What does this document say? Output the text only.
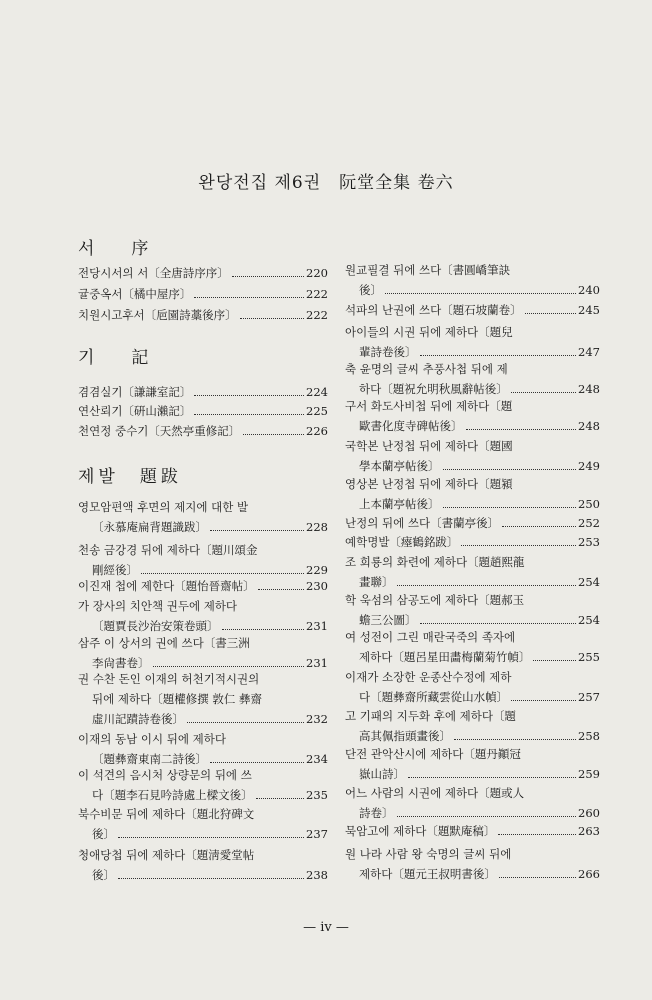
완당전집 제6권　阮堂全集 卷六
서　序
기　記
제발　題跋
전당시서의 서〔全唐詩序序〕	220
귤중옥서〔橘中屋序〕	222
치원시고후서〔巵園詩藁後序〕	222
겸겸실기〔謙謙室記〕	224
연산뢰기〔硏山瀨記〕	225
천연정 중수기〔天然亭重修記〕	226
영모암편액 후면의 제지에 대한 발
〔永慕庵扁背題識跋〕	228
천송 금강경 뒤에 제하다〔題川頌金
剛經後〕	229
이진재 첩에 제한다〔題怡晉齋帖〕	230
가 장사의 치안책 권두에 제하다
〔題賈長沙治安策卷頭〕	231
삼주 이 상서의 권에 쓰다〔書三洲
李尙書卷〕	231
권 수찬 돈인 이재의 허천기적시권의
뒤에 제하다〔題權修撰 敦仁 彝齋
虛川記蹟詩卷後〕	232
이재의 동남 이시 뒤에 제하다
〔題彝齋東南二詩後〕	234
이 석견의 음시처 상량문의 뒤에 쓰
다〔題李石見吟詩處上樑文後〕	235
북수비문 뒤에 제하다〔題北狩碑文
後〕	237
청애당첩 뒤에 제하다〔題淸愛堂帖
後〕	238
원교필결 뒤에 쓰다〔書圓嶠筆訣
後〕	240
석파의 난권에 쓰다〔題石坡蘭卷〕	245
아이들의 시권 뒤에 제하다〔題兒
輩詩卷後〕	247
축 윤명의 글씨 추풍사첩 뒤에 제
하다〔題祝允明秋風辭帖後〕	248
구서 화도사비첩 뒤에 제하다〔題
歐書化度寺碑帖後〕	248
국학본 난정첩 뒤에 제하다〔題國
學本蘭亭帖後〕	249
영상본 난정첩 뒤에 제하다〔題潁
上本蘭亭帖後〕	250
난정의 뒤에 쓰다〔書蘭亭後〕	252
예학명발〔瘞鶴銘跋〕	253
조 희룡의 화련에 제하다〔題趙熙龍
畫聯〕	254
학 욱섬의 삼공도에 제하다〔題郝玉
蟾三公圖〕	254
여 성전이 그린 매란국죽의 족자에
제하다〔題呂星田畵梅蘭菊竹幀〕	255
이재가 소장한 운종산수정에 제하
다〔題彝齋所藏雲從山水幀〕	257
고 기패의 지두화 후에 제하다〔題
高其佩指頭畫後〕	258
단전 관악산시에 제하다〔題丹顚冠
嶽山詩〕	259
어느 사람의 시권에 제하다〔題或人
詩卷〕	260
묵암고에 제하다〔題默庵稿〕	263
원 나라 사람 왕 숙명의 글씨 뒤에
제하다〔題元王叔明書後〕	266
— iv —
